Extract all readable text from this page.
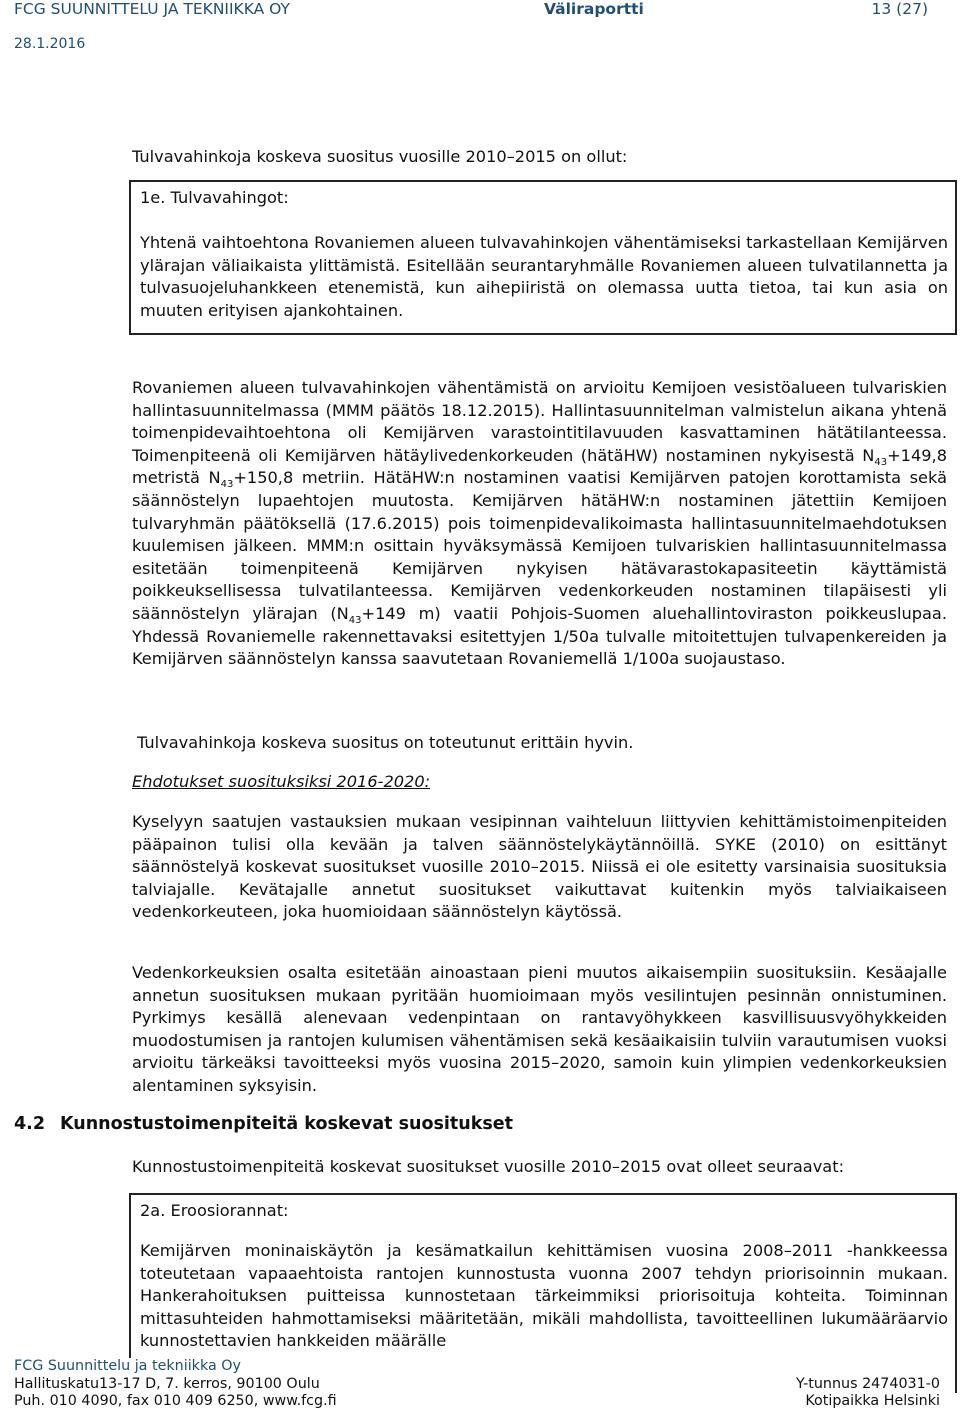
FCG SUUNNITTELU JA TEKNIIKKA OY	Väliraportti	13 (27)
28.1.2016

Tulvavahinkoja koskeva suositus vuosille 2010–2015 on ollut:

1e. Tulvavahingot:
Yhtenä vaihtoehtona Rovaniemen alueen tulvavahinkojen vähentämiseksi tarkastellaan Kemijärven ylärajan väliaikaista ylittämistä. Esitellään seurantaryhmälle Rovaniemen alueen tulvatilannetta ja tulvasuojeluhankkeen etenemistä, kun aihepiiristä on olemassa uutta tietoa, tai kun asia on muuten erityisen ajankohtainen.

Rovaniemen alueen tulvavahinkojen vähentämistä on arvioitu Kemijoen vesistöalueen tulvariskien hallintasuunnitelmassa (MMM päätös 18.12.2015). Hallintasuunnitelman valmistelun aikana yhtenä toimenpidevaihtoehtona oli Kemijärven varastointitilavuuden kasvattaminen hätätilanteessa. Toimenpiteenä oli Kemijärven hätäylivedenkorkeuden (hätäHW) nostaminen nykyisestä $N_{43}+149,8$ metristä $N_{43}+150,8$ metriin. HätäHW:n nostaminen vaatisi Kemijärven patojen korottamista sekä säännöstelyn lupaehtojen muutosta. Kemijärven hätäHW:n nostaminen jätettiin Kemijoen tulvaryhmän päätöksellä (17.6.2015) pois toimenpidevalikoimasta hallintasuunnitelmaehdotuksen kuulemisen jälkeen. MMM:n osittain hyväksymässä Kemijoen tulvariskien hallintasuunnitelmassa esitetään toimenpiteenä Kemijärven nykyisen hätävarastokapasiteetin käyttämistä poikkeuksellisessa tulvatilanteessa. Kemijärven vedenkorkeuden nostaminen tilapäisesti yli säännöstelyn ylärajan ($N_{43}+149$ m) vaatii Pohjois-Suomen aluehallintoviraston poikkeuslupaa. Yhdessä Rovaniemelle rakennettavaksi esitettyjen 1/50a tulvalle mitoitettujen tulvapenkereiden ja Kemijärven säännöstelyn kanssa saavutetaan Rovaniemellä 1/100a suojaustaso.

Tulvavahinkoja koskeva suositus on toteutunut erittäin hyvin.

Ehdotukset suosituksiksi 2016-2020:

Kyselyyn saatujen vastauksien mukaan vesipinnan vaihteluun liittyvien kehittämistoimenpiteiden pääpainon tulisi olla kevään ja talven säännöstelykäytännöillä. SYKE (2010) on esittänyt säännöstelyä koskevat suositukset vuosille 2010–2015. Niissä ei ole esitetty varsinaisia suosituksia talviajalle. Kevätajalle annetut suositukset vaikuttavat kuitenkin myös talviaikaiseen vedenkorkeuteen, joka huomioidaan säännöstelyn käytössä.

Vedenkorkeuksien osalta esitetään ainoastaan pieni muutos aikaisempiin suosituksiin. Kesäajalle annetun suosituksen mukaan pyritään huomioimaan myös vesilintujen pesinnän onnistuminen. Pyrkimys kesällä alenevaan vedenpintaan on rantavyöhykkeen kasvillisuusvyöhykkeiden muodostumisen ja rantojen kulumisen vähentämisen sekä kesäaikaisiin tulviin varautumisen vuoksi arvioitu tärkeäksi tavoitteeksi myös vuosina 2015–2020, samoin kuin ylimpien vedenkorkeuksien alentaminen syksyisin.

4.2 Kunnostustoimenpiteitä koskevat suositukset

Kunnostustoimenpiteitä koskevat suositukset vuosille 2010–2015 ovat olleet seuraavat:

2a. Eroosiorannat:
Kemijärven moninaiskäytön ja kesämatkailun kehittämisen vuosina 2008–2011 -hankkeessa toteutetaan vapaaehtoista rantojen kunnostusta vuonna 2007 tehdyn priorisoinnin mukaan. Hankerahoituksen puitteissa kunnostetaan tärkeimmiksi priorisoituja kohteita. Toiminnan mittasuhteiden hahmottamiseksi määritetään, mikäli mahdollista, tavoitteellinen lukumääräarvio kunnostettavien hankkeiden määrälle
FCG Suunnittelu ja tekniikka Oy
Hallituskatu13-17 D, 7. kerros, 90100 Oulu
Puh. 010 4090, fax 010 409 6250, www.fcg.fi
Y-tunnus 2474031-0
Kotipaikka Helsinki
